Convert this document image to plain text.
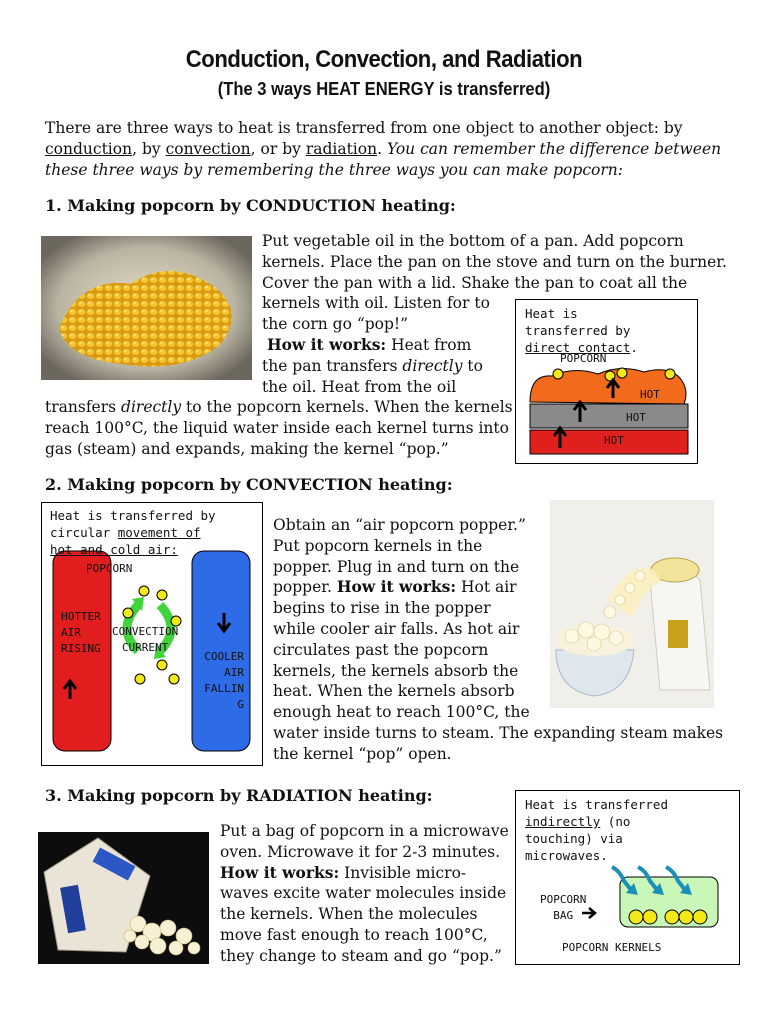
Conduction, Convection, and Radiation
(The 3 ways HEAT ENERGY is transferred)
There are three ways to heat is transferred from one object to another object: by conduction, by convection, or by radiation. You can remember the difference between these three ways by remembering the three ways you can make popcorn:
1. Making popcorn by CONDUCTION heating:
Put vegetable oil in the bottom of a pan. Add popcorn
kernels. Place the pan on the stove and turn on the burner.
Cover the pan with a lid. Shake the pan to coat all the
kernels with oil. Listen for to
the corn go “pop!”
How it works: Heat from
the pan transfers directly to
the oil. Heat from the oil
transfers directly to the popcorn kernels. When the kernels
reach 100°C, the liquid water inside each kernel turns into
gas (steam) and expands, making the kernel “pop.”
Heat is
transferred by
direct contact.
POPCORN
HOT
HOT
HOT
2. Making popcorn by CONVECTION heating:
Heat is transferred by
circular movement of
hot and cold air:
POPCORN
HOTTER
AIR
RISING
CONVECTION
CURRENT
COOLER
AIR
FALLIN
G
Obtain an “air popcorn popper.”
Put popcorn kernels in the
popper. Plug in and turn on the
popper. How it works: Hot air
begins to rise in the popper
while cooler air falls. As hot air
circulates past the popcorn
kernels, the kernels absorb the
heat. When the kernels absorb
enough heat to reach 100°C, the
water inside turns to steam. The expanding steam makes
the kernel “pop” open.
3. Making popcorn by RADIATION heating:
Put a bag of popcorn in a microwave
oven. Microwave it for 2-3 minutes.
How it works: Invisible micro-
waves excite water molecules inside
the kernels. When the molecules
move fast enough to reach 100°C,
they change to steam and go “pop.”
Heat is transferred
indirectly (no
touching) via
microwaves.
POPCORN
BAG
POPCORN KERNELS
